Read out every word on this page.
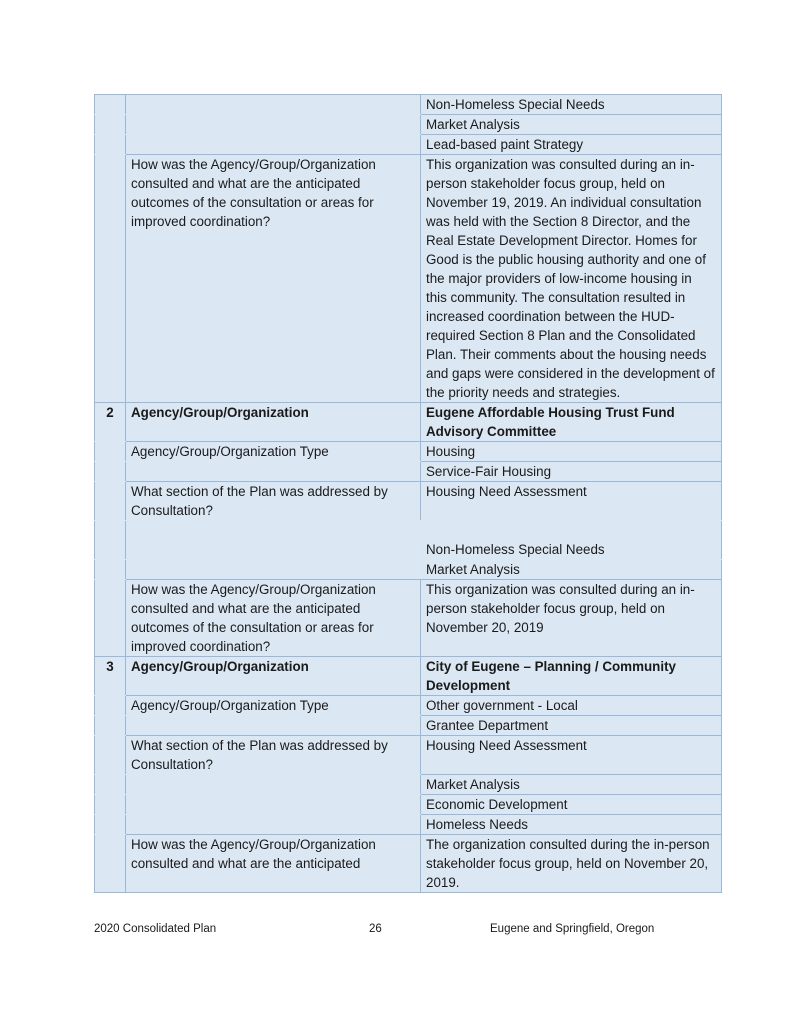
		Non-Homeless Special Needs
		Market Analysis
		Lead-based paint Strategy
	How was the Agency/Group/Organization consulted and what are the anticipated outcomes of the consultation or areas for improved coordination?	This organization was consulted during an in-person stakeholder focus group, held on November 19, 2019. An individual consultation was held with the Section 8 Director, and the Real Estate Development Director. Homes for Good is the public housing authority and one of the major providers of low-income housing in this community. The consultation resulted in increased coordination between the HUD-required Section 8 Plan and the Consolidated Plan. Their comments about the housing needs and gaps were considered in the development of the priority needs and strategies.
2	Agency/Group/Organization	Eugene Affordable Housing Trust Fund Advisory Committee
	Agency/Group/Organization Type	Housing
		Service-Fair Housing
	What section of the Plan was addressed by Consultation?	Housing Need Assessment
		Non-Homeless Special Needs
		Market Analysis
	How was the Agency/Group/Organization consulted and what are the anticipated outcomes of the consultation or areas for improved coordination?	This organization was consulted during an in-person stakeholder focus group, held on November 20, 2019
3	Agency/Group/Organization	City of Eugene – Planning / Community Development
	Agency/Group/Organization Type	Other government - Local
		Grantee Department
	What section of the Plan was addressed by Consultation?	Housing Need Assessment
		Market Analysis
		Economic Development
		Homeless Needs
	How was the Agency/Group/Organization consulted and what are the anticipated	The organization consulted during the in-person stakeholder focus group, held on November 20, 2019.
2020 Consolidated Plan	26	Eugene and Springfield, Oregon
